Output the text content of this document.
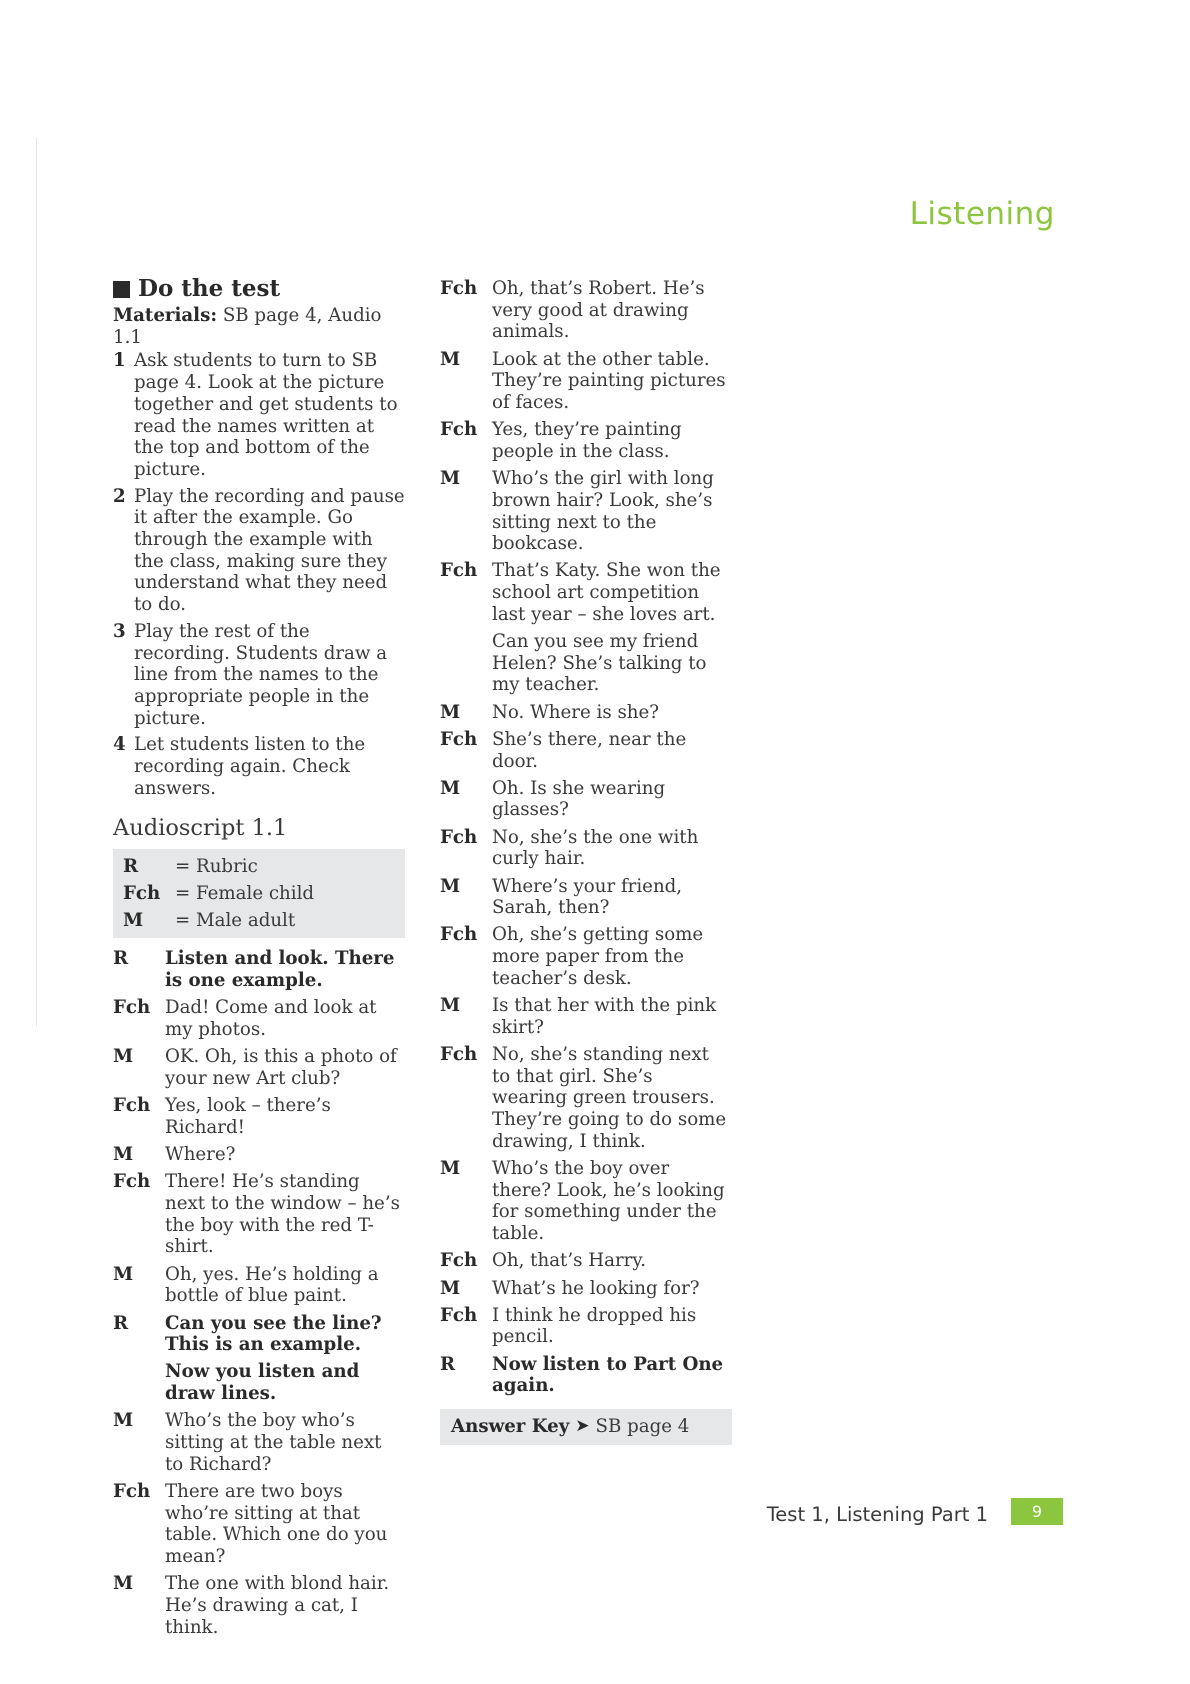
Listening
Do the test
Materials: SB page 4, Audio 1.1
1 Ask students to turn to SB page 4. Look at the picture together and get students to read the names written at the top and bottom of the picture.
2 Play the recording and pause it after the example. Go through the example with the class, making sure they understand what they need to do.
3 Play the rest of the recording. Students draw a line from the names to the appropriate people in the picture.
4 Let students listen to the recording again. Check answers.
Audioscript 1.1
R	= Rubric
Fch = Female child
M	= Male adult
R	Listen and look. There is one example.
Fch Dad! Come and look at my photos.
M	OK. Oh, is this a photo of your new Art club?
Fch Yes, look – there’s Richard!
M	Where?
Fch There! He’s standing next to the window – he’s the boy with the red T-shirt.
M	Oh, yes. He’s holding a bottle of blue paint.
R	Can you see the line? This is an example.
Now you listen and draw lines.
M	Who’s the boy who’s sitting at the table next to Richard?
Fch There are two boys who’re sitting at that table. Which one do you mean?
M	The one with blond hair. He’s drawing a cat, I think.
Fch Oh, that’s Robert. He’s very good at drawing animals.
M	Look at the other table. They’re painting pictures of faces.
Fch Yes, they’re painting people in the class.
M	Who’s the girl with long brown hair? Look, she’s sitting next to the bookcase.
Fch That’s Katy. She won the school art competition last year – she loves art.
Can you see my friend Helen? She’s talking to my teacher.
M	No. Where is she?
Fch She’s there, near the door.
M	Oh. Is she wearing glasses?
Fch No, she’s the one with curly hair.
M	Where’s your friend, Sarah, then?
Fch Oh, she’s getting some more paper from the teacher’s desk.
M	Is that her with the pink skirt?
Fch No, she’s standing next to that girl. She’s wearing green trousers. They’re going to do some drawing, I think.
M	Who’s the boy over there? Look, he’s looking for something under the table.
Fch Oh, that’s Harry.
M	What’s he looking for?
Fch I think he dropped his pencil.
R	Now listen to Part One again.
Answer Key ➤ SB page 4
Test 1, Listening Part 1	9
